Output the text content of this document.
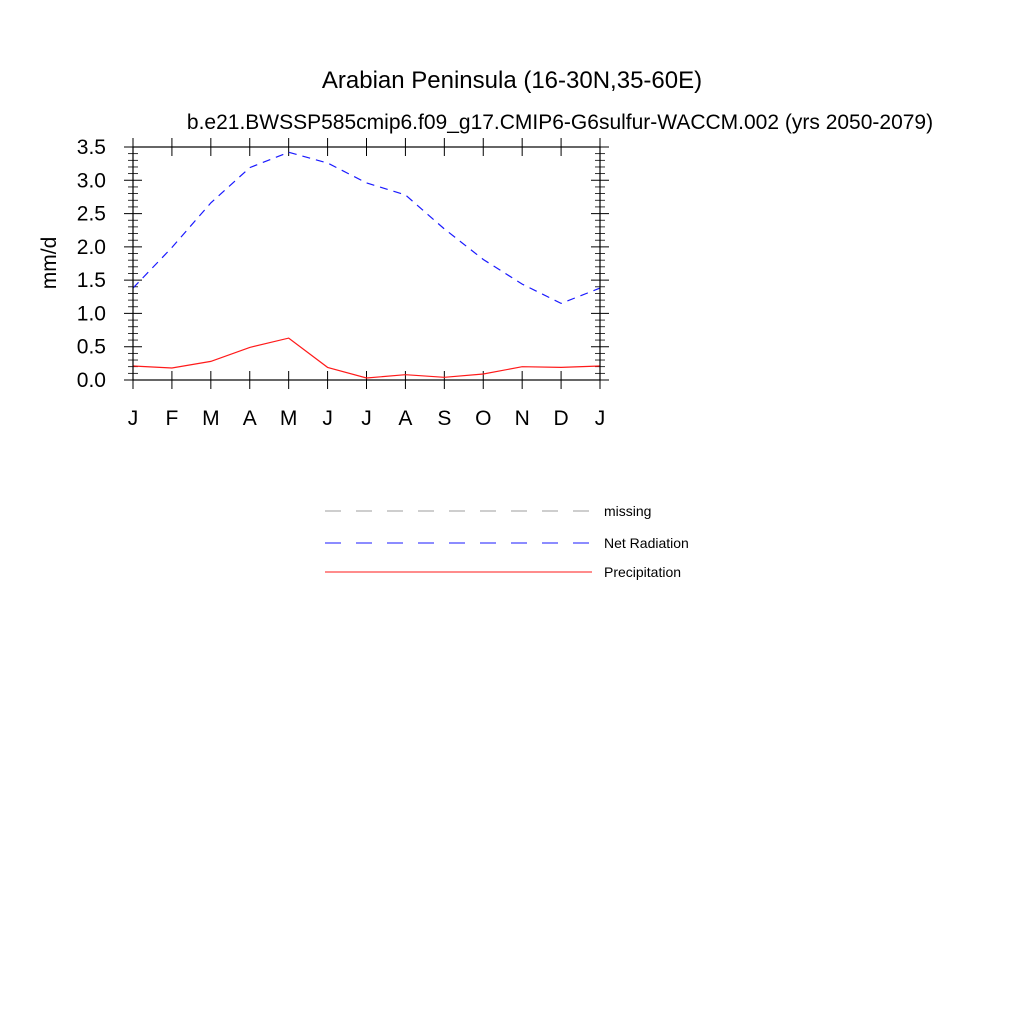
Arabian Peninsula (16-30N,35-60E)
b.e21.BWSSP585cmip6.f09_g17.CMIP6-G6sulfur-WACCM.002 (yrs 2050-2079)
mm/d
0.0
0.5
1.0
1.5
2.0
2.5
3.0
3.5
J F M A M J J A S O N D J
missing
Net Radiation
Precipitation
